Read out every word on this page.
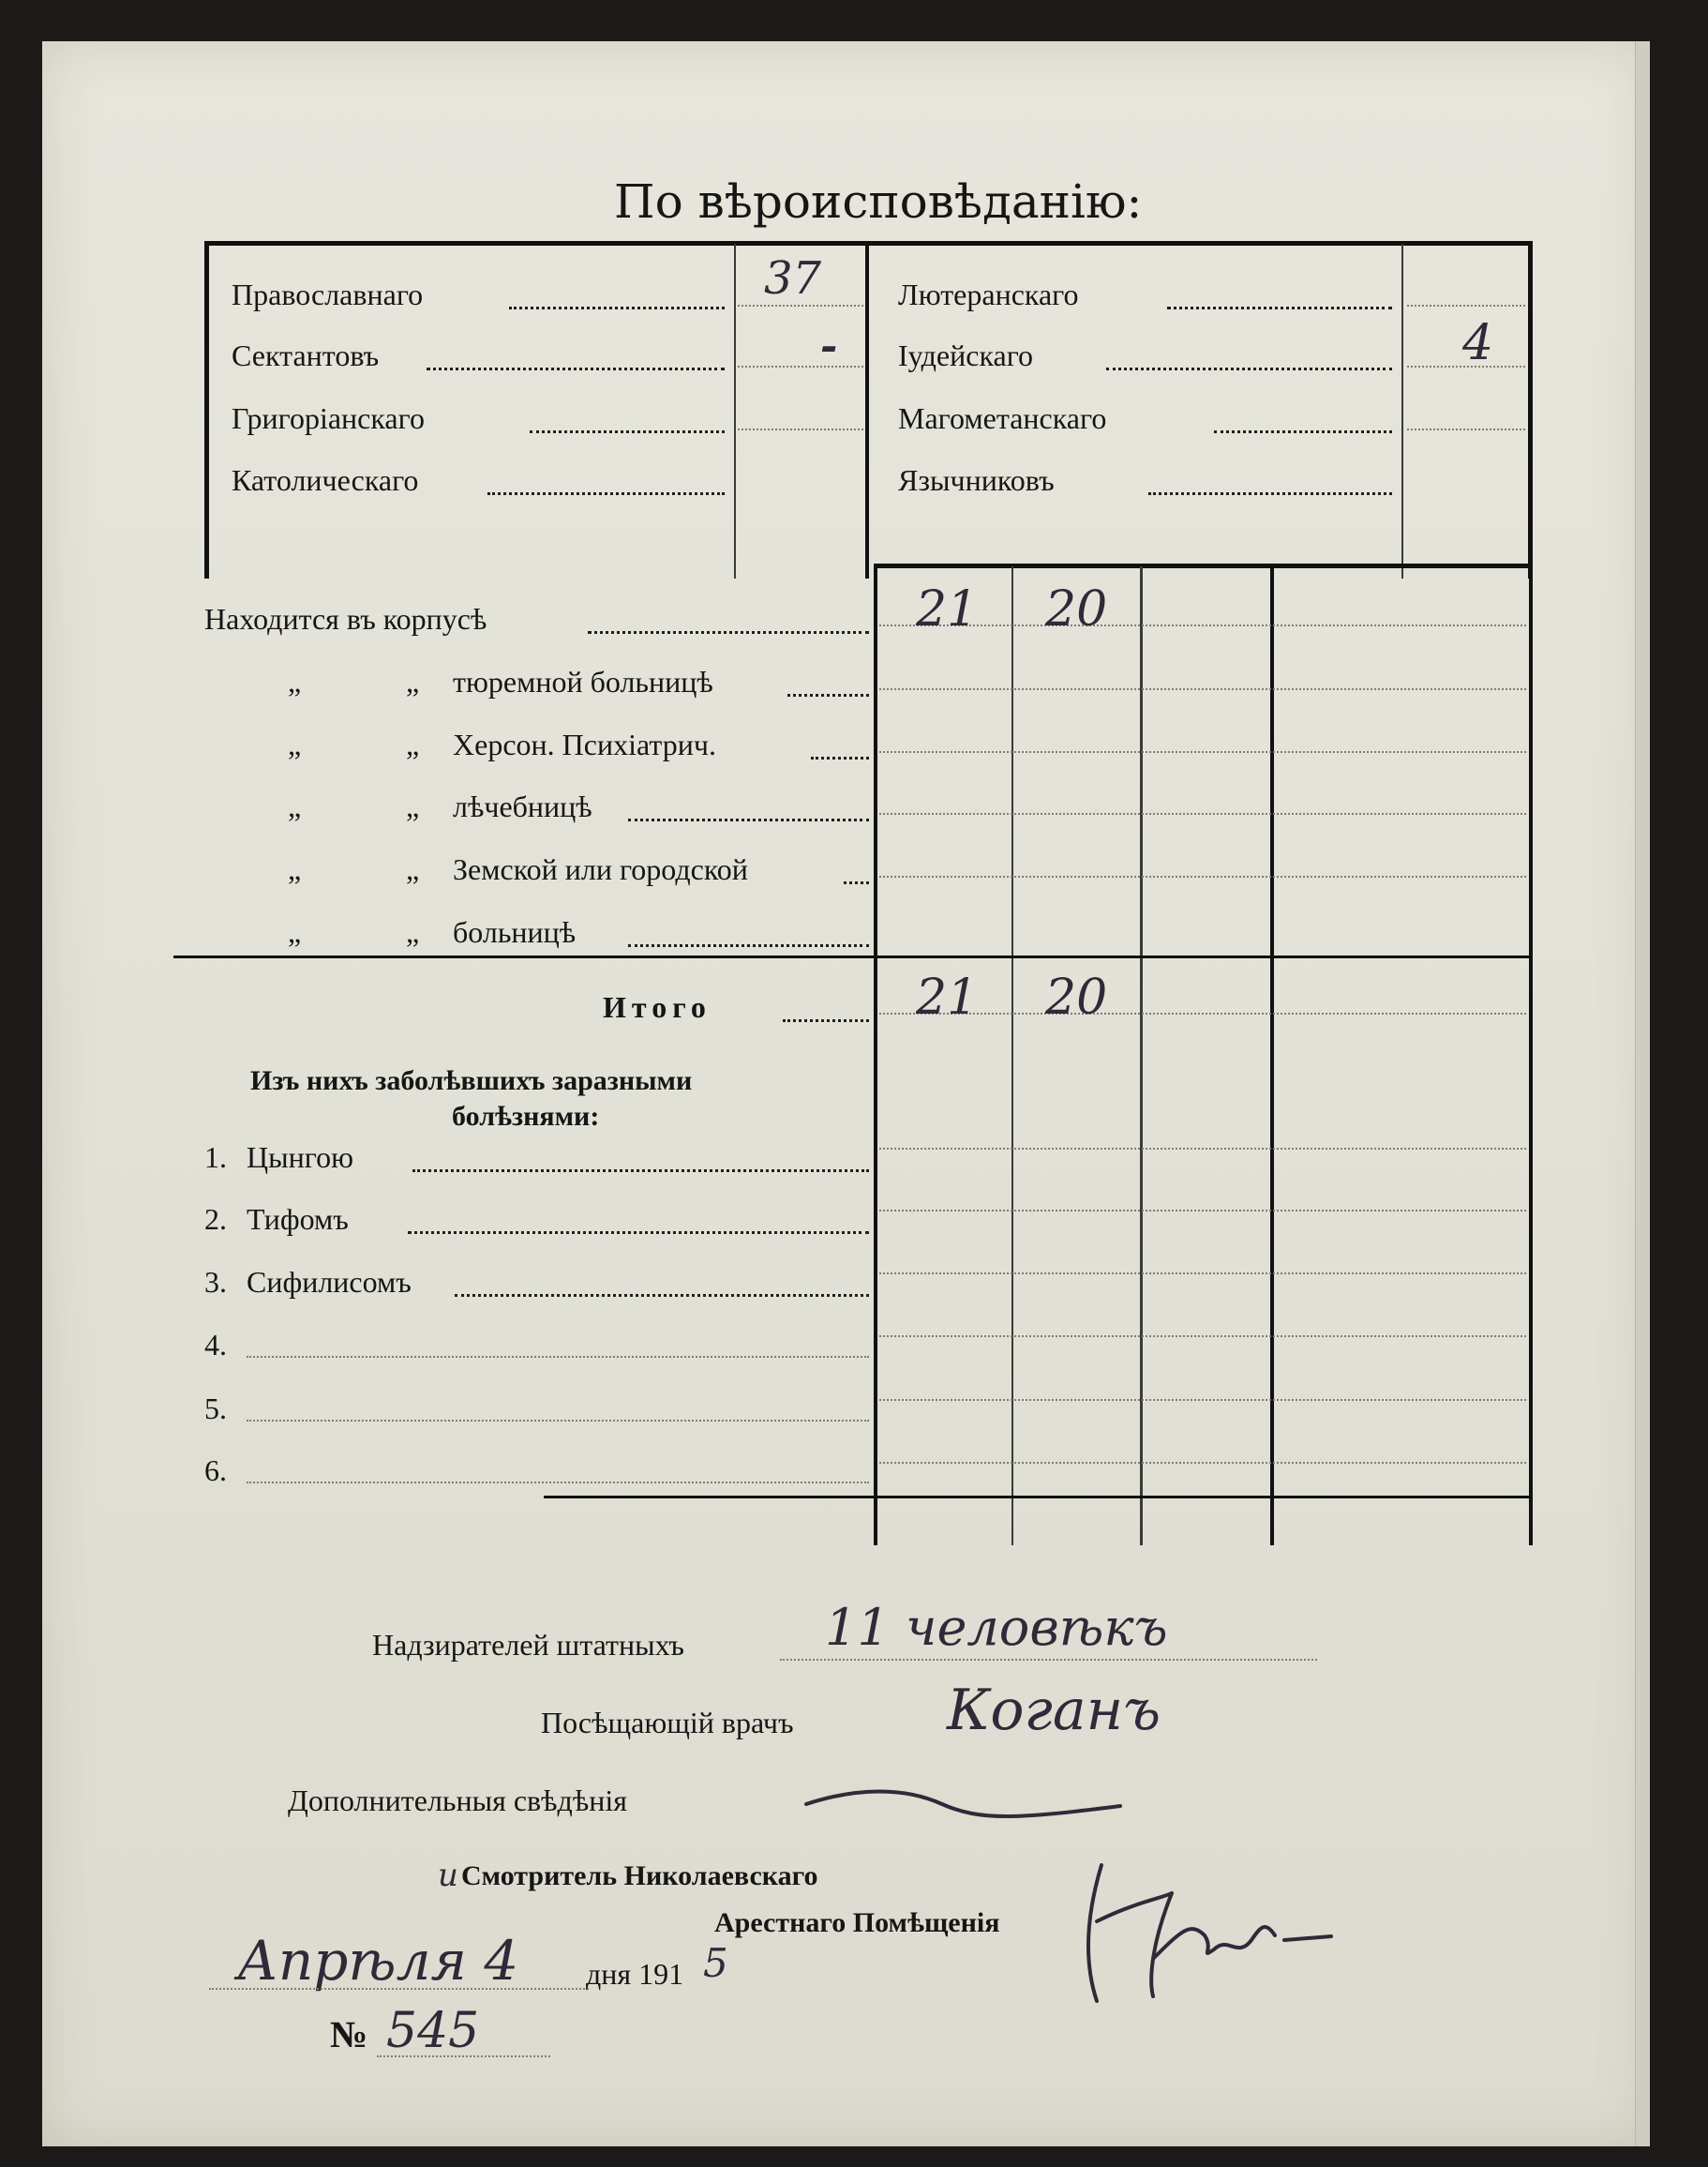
По вѣроисповѣданію:
Православнаго	37
Сектантовъ	-
Григоріанскаго
Католическаго
Лютеранскаго
Іудейскаго	4
Магометанскаго
Язычниковъ
Находится въ корпусѣ	21 20
„	„ тюремной больницѣ
„	„ Херсон. Психіатрич.
„	„ лѣчебницѣ
„	„ Земской или городской
„	„ больницѣ
Итого	21 20
Изъ нихъ заболѣвшихъ заразными
болѣзнями:
1. Цынгою
2. Тифомъ
3. Сифилисомъ
4.
5.
6.
Надзирателей штатныхъ	11 человѣкъ
Посѣщающій врачъ	Коганъ
Дополнительныя свѣдѣнія
и Смотритель Николаевскаго
Арестнаго Помѣщенія
Апрѣля 4 дня 191 5
№ 545
